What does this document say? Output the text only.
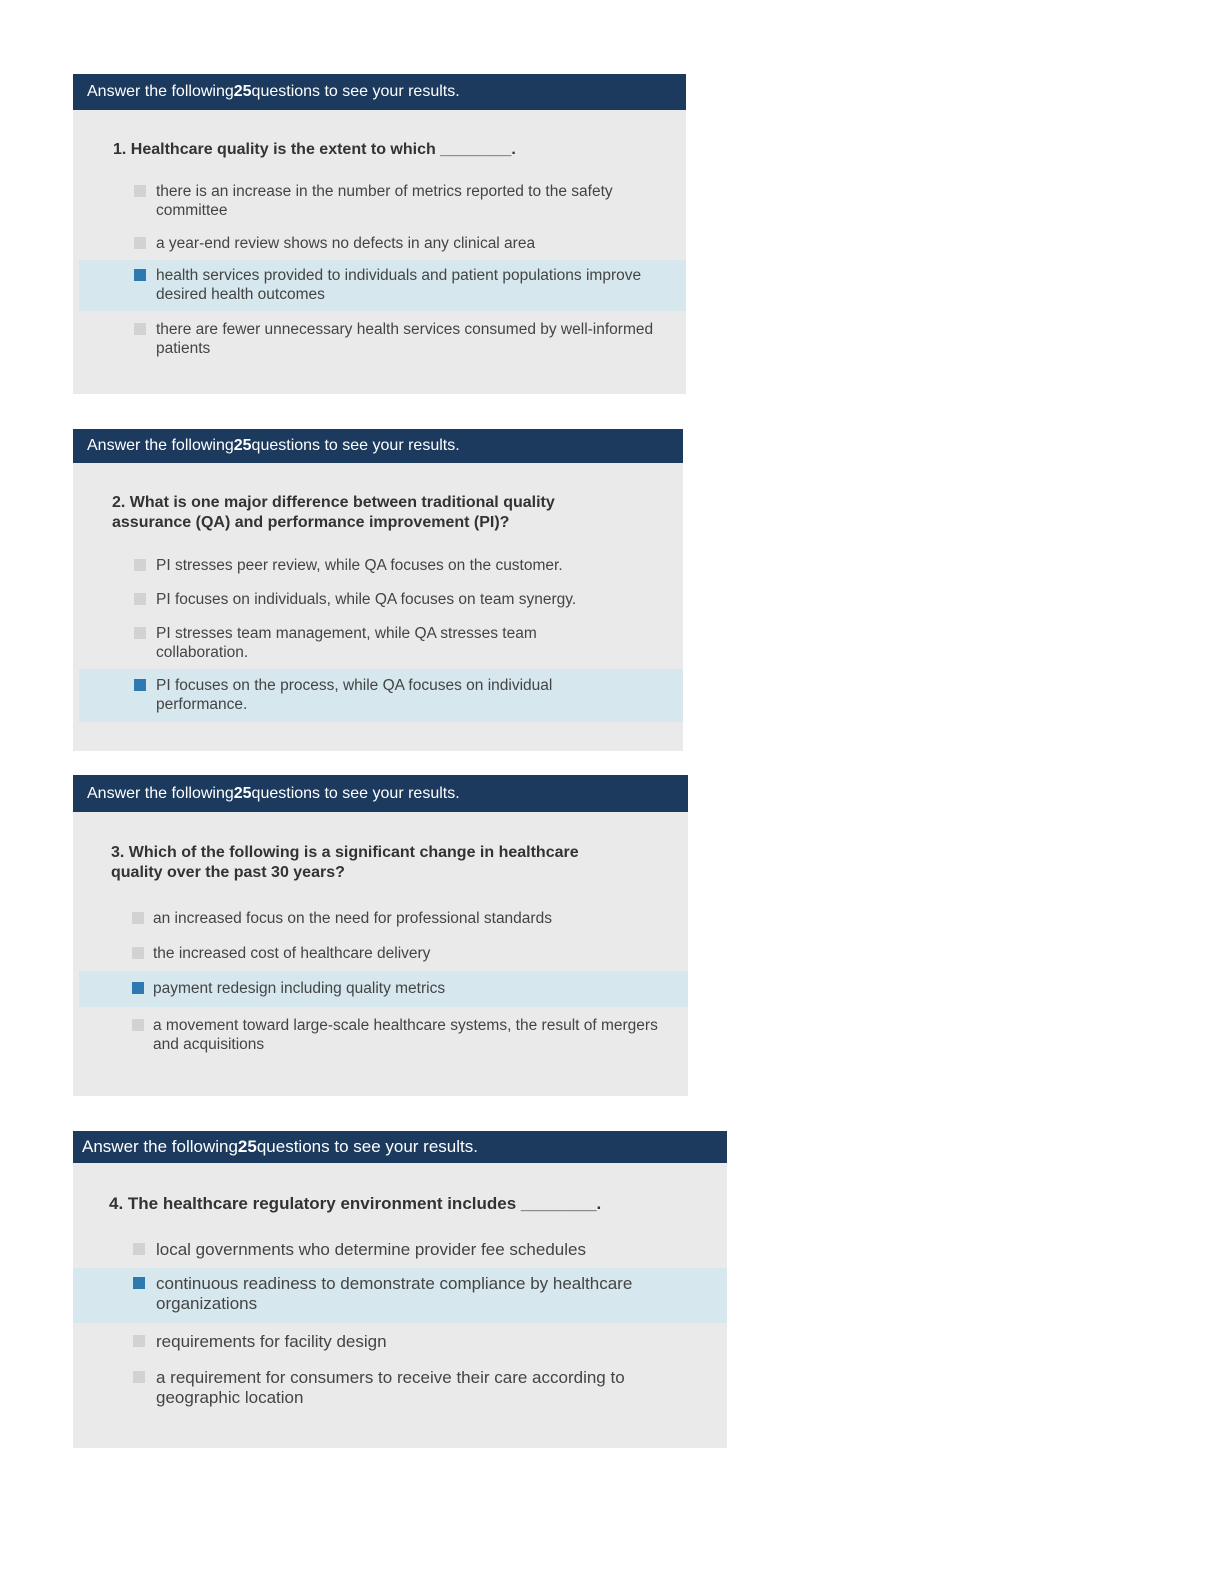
Answer the following 25 questions to see your results.
1. Healthcare quality is the extent to which ________.
there is an increase in the number of metrics reported to the safety committee
a year-end review shows no defects in any clinical area
health services provided to individuals and patient populations improve desired health outcomes
there are fewer unnecessary health services consumed by well-informed patients
Answer the following 25 questions to see your results.
2. What is one major difference between traditional quality assurance (QA) and performance improvement (PI)?
PI stresses peer review, while QA focuses on the customer.
PI focuses on individuals, while QA focuses on team synergy.
PI stresses team management, while QA stresses team collaboration.
PI focuses on the process, while QA focuses on individual performance.
Answer the following 25 questions to see your results.
3. Which of the following is a significant change in healthcare quality over the past 30 years?
an increased focus on the need for professional standards
the increased cost of healthcare delivery
payment redesign including quality metrics
a movement toward large-scale healthcare systems, the result of mergers and acquisitions
Answer the following 25 questions to see your results.
4. The healthcare regulatory environment includes ________.
local governments who determine provider fee schedules
continuous readiness to demonstrate compliance by healthcare organizations
requirements for facility design
a requirement for consumers to receive their care according to geographic location
